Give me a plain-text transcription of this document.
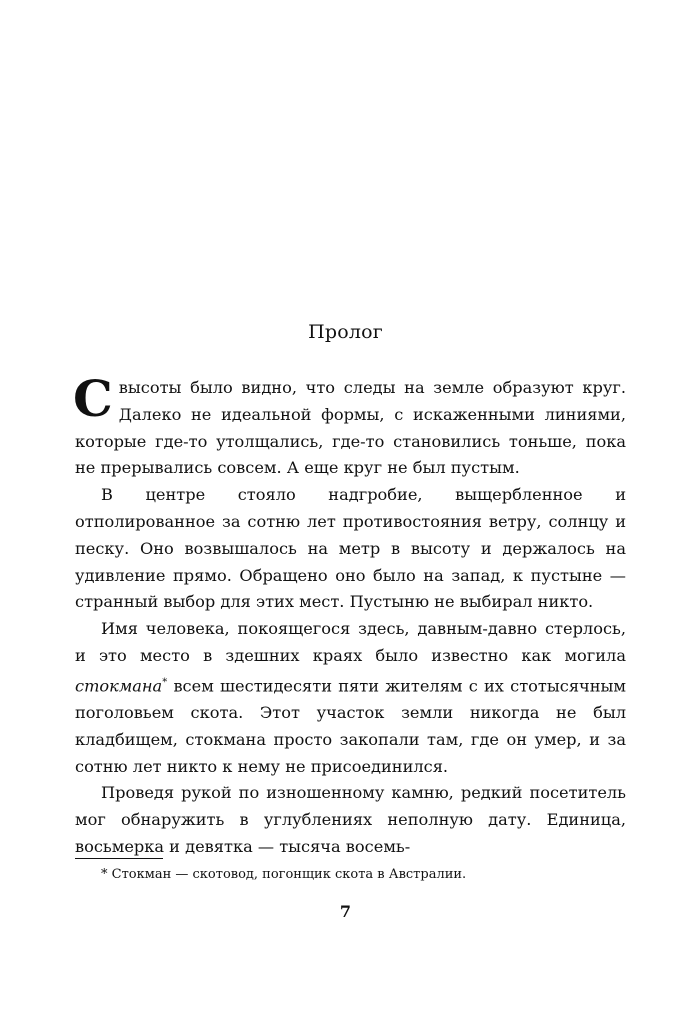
Пролог

С высоты было видно, что следы на земле образуют круг. Далеко не идеальной формы, с искаженными линиями, которые где-то утолщались, где-то становились тоньше, пока не прерывались совсем. А еще круг не был пустым.

В центре стояло надгробие, выщербленное и отполированное за сотню лет противостояния ветру, солнцу и песку. Оно возвышалось на метр в высоту и держалось на удивление прямо. Обращено оно было на запад, к пустыне — странный выбор для этих мест. Пустыню не выбирал никто.

Имя человека, покоящегося здесь, давным-давно стерлось, и это место в здешних краях было известно как могила стокмана* всем шестидесяти пяти жителям с их стотысячным поголовьем скота. Этот участок земли никогда не был кладбищем, стокмана просто закопали там, где он умер, и за сотню лет никто к нему не присоединился.

Проведя рукой по изношенному камню, редкий посетитель мог обнаружить в углублениях неполную дату. Единица, восьмерка и девятка — тысяча восемь-

* Стокман — скотовод, погонщик скота в Австралии.
7
